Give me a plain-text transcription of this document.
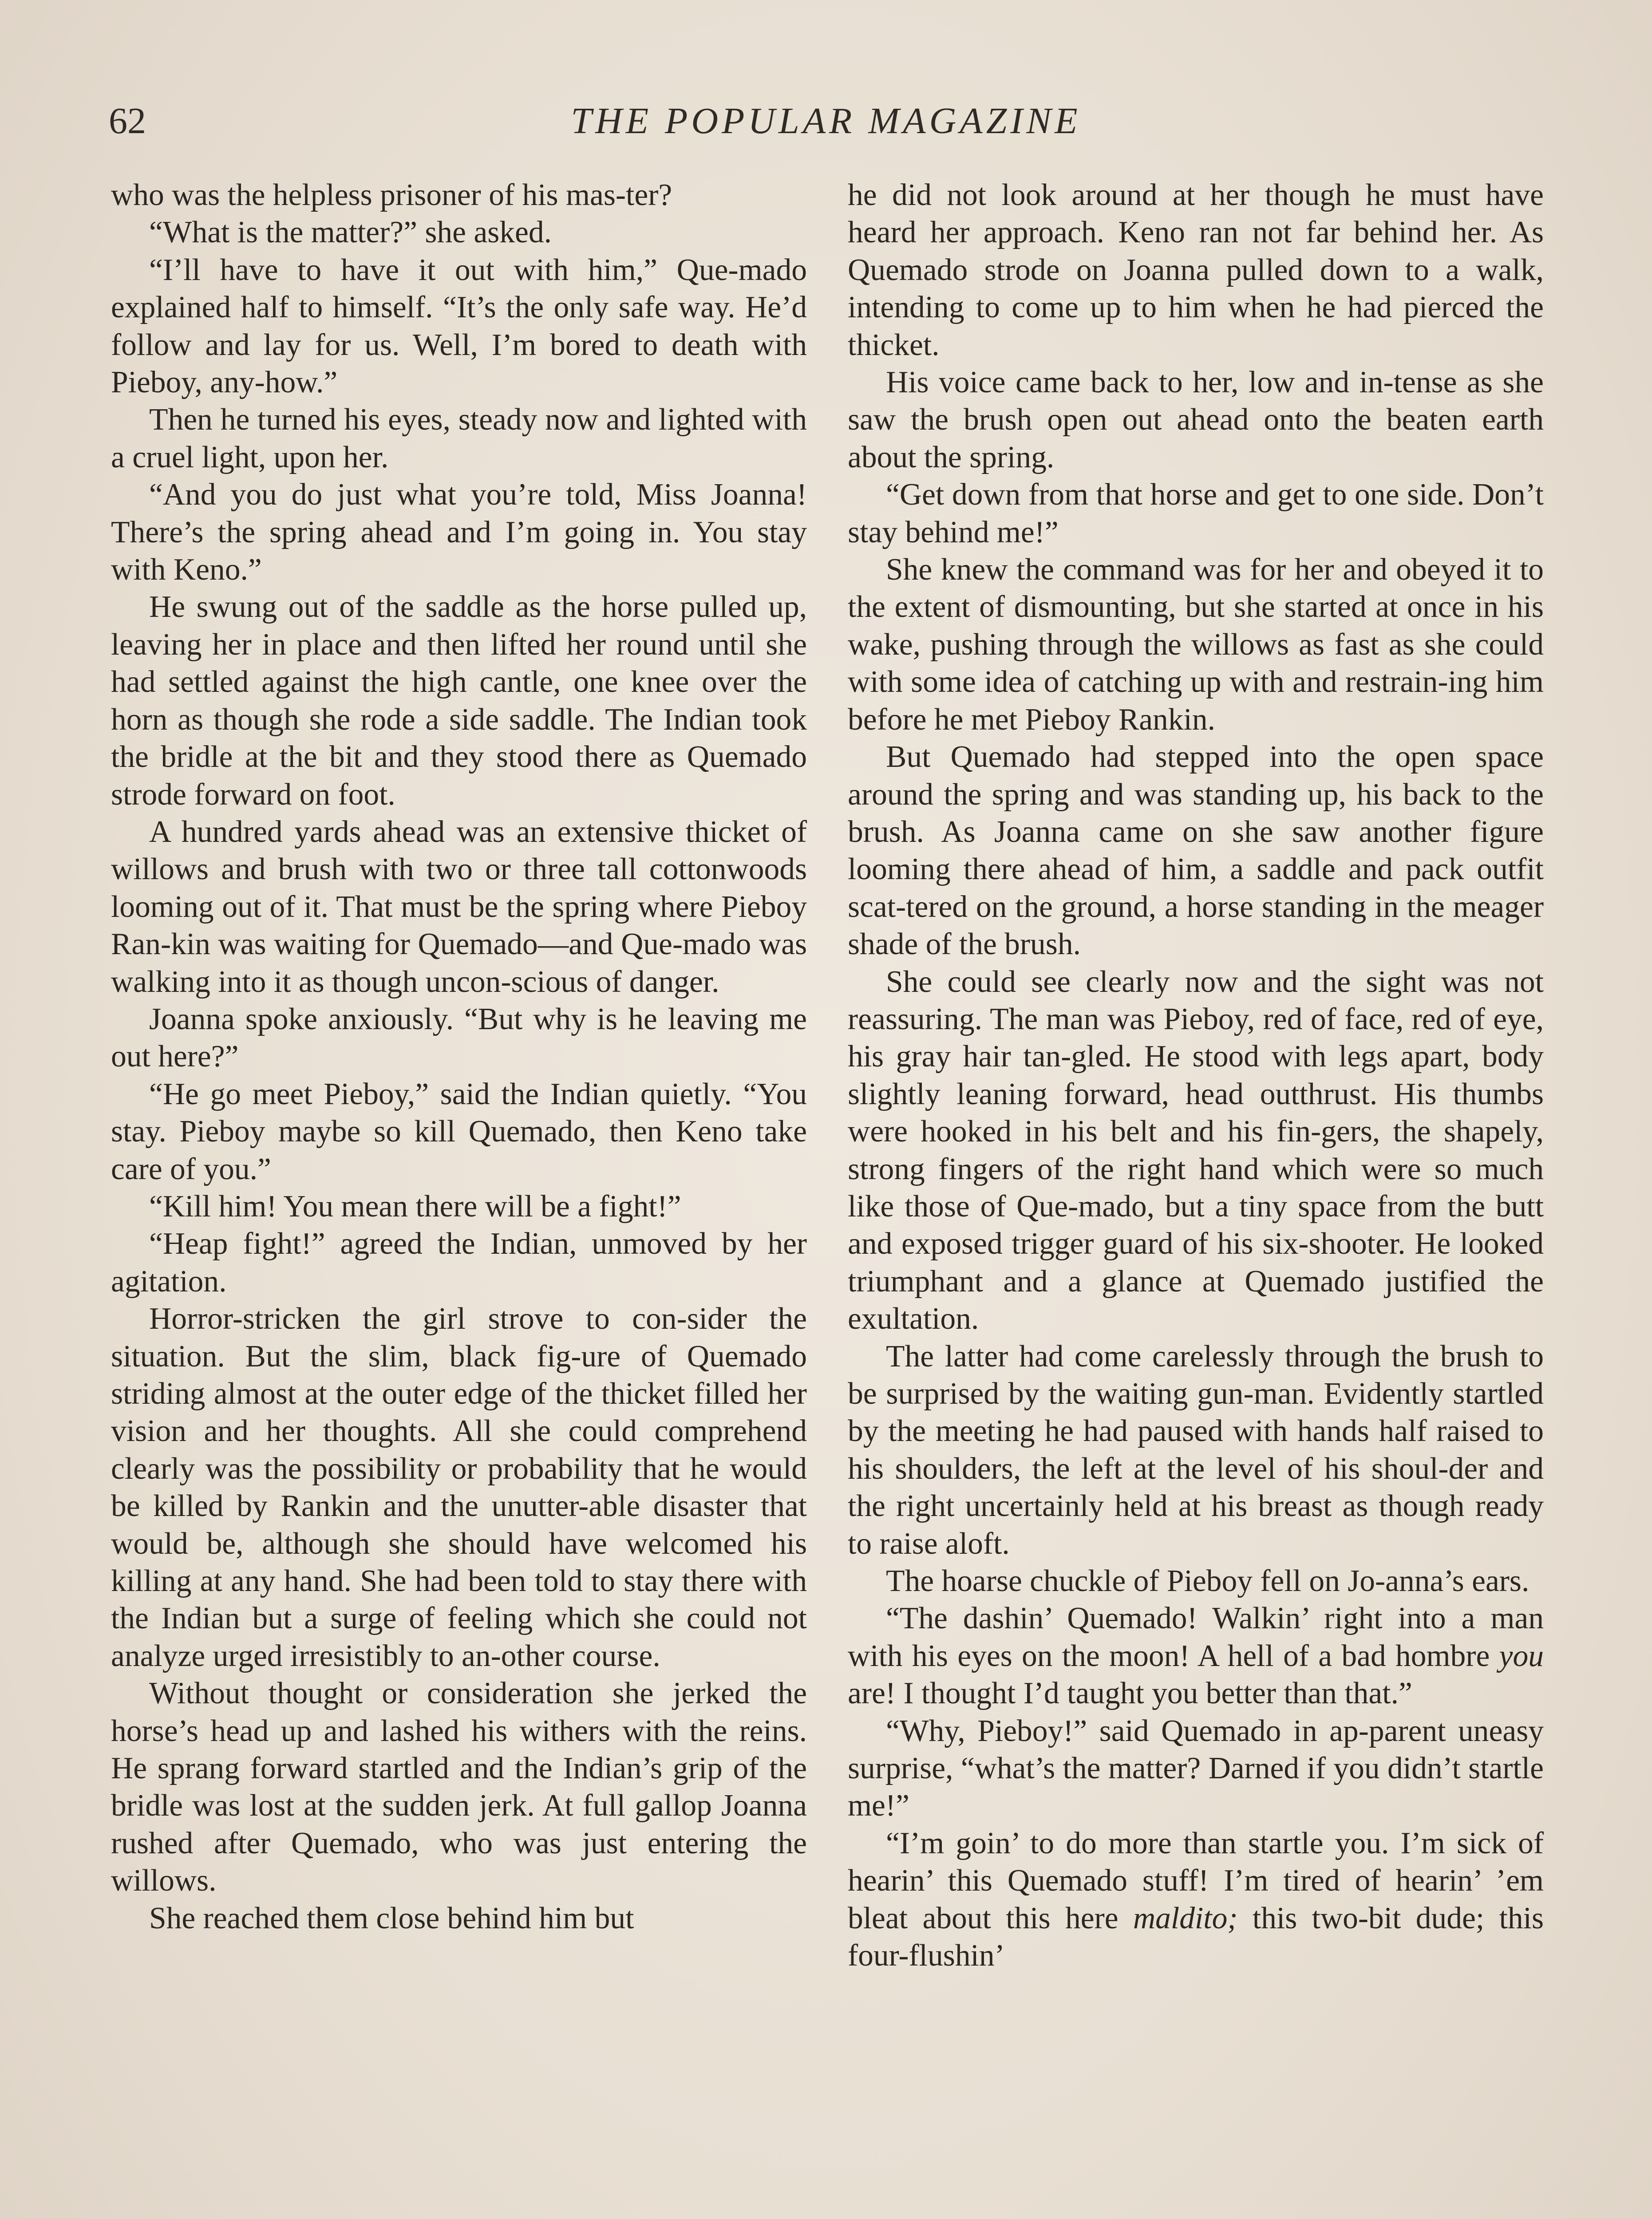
62	THE POPULAR MAGAZINE

who was the helpless prisoner of his mas-ter?

“What is the matter?” she asked.

“I’ll have to have it out with him,” Que-mado explained half to himself. “It’s the only safe way. He’d follow and lay for us. Well, I’m bored to death with Pieboy, any-how.”

Then he turned his eyes, steady now and lighted with a cruel light, upon her.

“And you do just what you’re told, Miss Joanna! There’s the spring ahead and I’m going in. You stay with Keno.”

He swung out of the saddle as the horse pulled up, leaving her in place and then lifted her round until she had settled against the high cantle, one knee over the horn as though she rode a side saddle. The Indian took the bridle at the bit and they stood there as Quemado strode forward on foot.

A hundred yards ahead was an extensive thicket of willows and brush with two or three tall cottonwoods looming out of it. That must be the spring where Pieboy Ran-kin was waiting for Quemado—and Que-mado was walking into it as though uncon-scious of danger.

Joanna spoke anxiously. “But why is he leaving me out here?”

“He go meet Pieboy,” said the Indian quietly. “You stay. Pieboy maybe so kill Quemado, then Keno take care of you.”

“Kill him! You mean there will be a fight!”

“Heap fight!” agreed the Indian, unmoved by her agitation.

Horror-stricken the girl strove to con-sider the situation. But the slim, black fig-ure of Quemado striding almost at the outer edge of the thicket filled her vision and her thoughts. All she could comprehend clearly was the possibility or probability that he would be killed by Rankin and the unutter-able disaster that would be, although she should have welcomed his killing at any hand. She had been told to stay there with the Indian but a surge of feeling which she could not analyze urged irresistibly to an-other course.

Without thought or consideration she jerked the horse’s head up and lashed his withers with the reins. He sprang forward startled and the Indian’s grip of the bridle was lost at the sudden jerk. At full gallop Joanna rushed after Quemado, who was just entering the willows.

She reached them close behind him but

he did not look around at her though he must have heard her approach. Keno ran not far behind her. As Quemado strode on Joanna pulled down to a walk, intending to come up to him when he had pierced the thicket.

His voice came back to her, low and in-tense as she saw the brush open out ahead onto the beaten earth about the spring.

“Get down from that horse and get to one side. Don’t stay behind me!”

She knew the command was for her and obeyed it to the extent of dismounting, but she started at once in his wake, pushing through the willows as fast as she could with some idea of catching up with and restrain-ing him before he met Pieboy Rankin.

But Quemado had stepped into the open space around the spring and was standing up, his back to the brush. As Joanna came on she saw another figure looming there ahead of him, a saddle and pack outfit scat-tered on the ground, a horse standing in the meager shade of the brush.

She could see clearly now and the sight was not reassuring. The man was Pieboy, red of face, red of eye, his gray hair tan-gled. He stood with legs apart, body slightly leaning forward, head outthrust. His thumbs were hooked in his belt and his fin-gers, the shapely, strong fingers of the right hand which were so much like those of Que-mado, but a tiny space from the butt and exposed trigger guard of his six-shooter. He looked triumphant and a glance at Quemado justified the exultation.

The latter had come carelessly through the brush to be surprised by the waiting gun-man. Evidently startled by the meeting he had paused with hands half raised to his shoulders, the left at the level of his shoul-der and the right uncertainly held at his breast as though ready to raise aloft.

The hoarse chuckle of Pieboy fell on Jo-anna’s ears.

“The dashin’ Quemado! Walkin’ right into a man with his eyes on the moon! A hell of a bad hombre you are! I thought I’d taught you better than that.”

“Why, Pieboy!” said Quemado in ap-parent uneasy surprise, “what’s the matter? Darned if you didn’t startle me!”

“I’m goin’ to do more than startle you. I’m sick of hearin’ this Quemado stuff! I’m tired of hearin’ ’em bleat about this here maldito; this two-bit dude; this four-flushin’
